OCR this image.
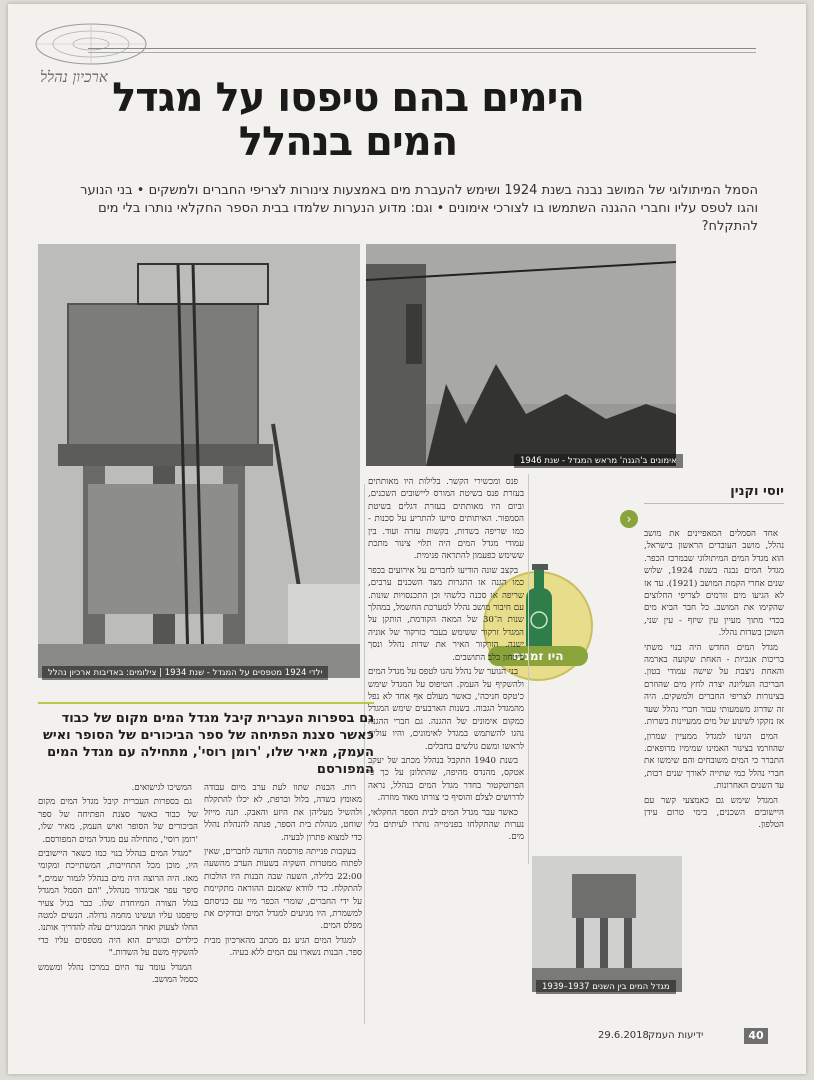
ארכיון נהלל הימים בהם טיפסו על מגדל המים בנהלל
הסמל המיתולוגי של המושב נבנה בשנת 1924 ושימש להעברת מים באמצעות צינורות לצריפי החברים ולמשקים • בני הנוער והגו לטפס עליו וחברי ההגנה השתמשו בו לצורכי אימונים • וגם: מדוע הנערות שלמדו בבית הספר החקלאי נותרו בלי מים להתקלח?
ילדי 1924 מטפסים על המגדל - שנת 1934 | צילומים: באדיבות ארכיון נהלל
אימונים ב'הגנה' מראש המגדל - שנת 1946
יוסי וקנין
‹
היו זמנים

אחד הסמלים המאפיינים את מושב נהלל, מושב העובדים הראשון בישראל, הוא מגדל המים המיתולוגי שבמרכז הכפר. מגדל המים נבנה בשנת 1924, שלוש שנים אחרי הקמת המושב (1921). עד אז לא הגיעו מים זורמים לצריפי החלוצים שהקימו את המושב. כל חבר הביא מים בכדי מתוך מעיין עין שיזף - עין שני, השוכן בשדות נהלל.

מגדל המים החדש היה בנוי משתי בריכות אנכיות - האחת שקועה בארמה והאחת ניצבת על שישה עמודי בטון. הבריכה העליונה יצרה לחץ מים שהוזרם בצינורות לצריפי החברים ולמשקים. היה זה שדרוג משמעותי עבור חברי נהלל שעד אז נזקקו לשינוע של מים ממעיינות בשרות.

המים הגיעו למגדל ממעיין שמרון, שהוזרמו בצינור האמינו שמימיו מרופאים. התברר כי המים משובחים והם שימשו את חברי נהלל כמי שתייה לאורך שנים רבות, עד השנים האחרונות.

המגדל שימש גם כאמצעי קשר עם היישובים השכנים, בימי טרום עידן הטלפון.

מגדל המים בין השנים 1937–1939

פנס ומכשירי הקשר. בלילות היו מאותתים בעזרת פנס בשיטת המורס ליישובים השכנים, וביום היו מאותתים בעזרת דגלים בשיטת הסמפור. האיתותים סייעו להתריע על סכנות - כמו שריפה בשדות, בקשות עזרה ועוד. בין עמודי מגדל המים היה תלוי צינור מתכת ששימש כפעמון להתראה פנימית.

בקצב שונה הודיעו לחברים על אירועים בכפר כמו הגנה או התגרות מצד השכנים ערבים, שריפה או סכנה כלשהי וכן התכנסויות שונות. עם חיבור מושב נהלל למערכת החשמל, במהלך שנות ה־30 של המאה הקודמת, הותקן על המגדל זרקור ששימש בעבר כזרקור של אוניה ישנה. הזרקור האיר את שדות נהלל ונסך ביטחון בלב התושבים.

בני הנוער של נהלל נהגו לטפס על מגדל המים ולהשקיף על העמק. הטיפוס על המגדל שימש כ'טקס חניכה', כאשר מעולם אף אחד לא נפל מהמגדל הגבוה. בשנות הארבעים שימש המגדל כמקום אימונים של ההגנה. גם חברי ההגנה נהגו להשתמש במגדל לאימונים, והיו עולים לראשו ומשם גולשים בחבלים.

בשנת 1940 התקבל בנהלל מכתב של יעקב אטקס, מהנדס מהיפה, שהתלונן על כך כי הפרוטקטור בחדר מגדל המים בנהלל, נראה לדרושים לצלם והוסיף כי צורתו מאוד מוזרה.

כאשר עבר מגדל המים לבית הספר החקלאי, נערות שהתקלחו בפנימייה נותרו לעיתים בלי מים.

גם בספרות העברית קיבל מגדל המים מקום של כבוד כאשר סצנת הפתיחה של ספר הביכורים של הסופר ואיש העמק, מאיר שלו, 'רומן רוסי', מתחילה עם מגדל המים המפורסם

רות. הבנות שתוו לעת ערב מיום עבודה מאומץ בשדה, בלול וברפת, לא יכלו להתקלח ולהשיל מעליהן את היזע והאבק. תנה מייזל שוחט, מנהלת בית הספר, פנתה להנהלת נהלל כדי למצוא פתרון לבעיה.

בעקבות פנייתה פורסמה הודעה לחברים, שאין לפתוח ממטרות השקיה בשעות הערב מהשעה 22:00 בלילה, השעה שבה הבנות היו הולכות להתקלח. כדי לוודא שאמנם ההוראה מתקיימת על ידי החברים, שומרי הכפר מיי עם כניסתם למשמרת, היו מגיעים למגדל המים ובודקים את מפלס המים.

למגדל המים הגיע גם מכתב מהארכיון מבית ספר. הבנות נשארו עם המים ללא בעיה.

המשיכו לגישואים.

גם בספרות העברית קיבל מגדל המים מקום של כבוד כאשר סצנת הפתיחה של ספר הביכורים של הסופר ואיש העמק, מאיר שלו, 'רומן רוסי', מתחילה עם מגדל המים המפורסם.

"מגדל המים בנהלל בנוי כמו כשאר היישובים היו, מוכן מכל התחייבות, המשתייכת ומקומי מאז. היה הרוצה היה מים בנהלל לגמור שמים," סיפר עפר אביגדור מנהלל, "הם הסמל המגדל בגלל הצורה המיוחדת שלו. כבר בגיל צעיר טיפסנו עליו ועשינו מחמה גדולה. הנשים למטה החלו לצעוק ואחר המבוגרים עלה להדריך אותנו. כילדים ובוגרים הוא היה מטפסים עליו כדי להשקיף משם על השדות."

המגדל עומד עד היום במרכז נהלל ומשמש כסמל המושב.

40
ידיעות העמק
29.6.2018
